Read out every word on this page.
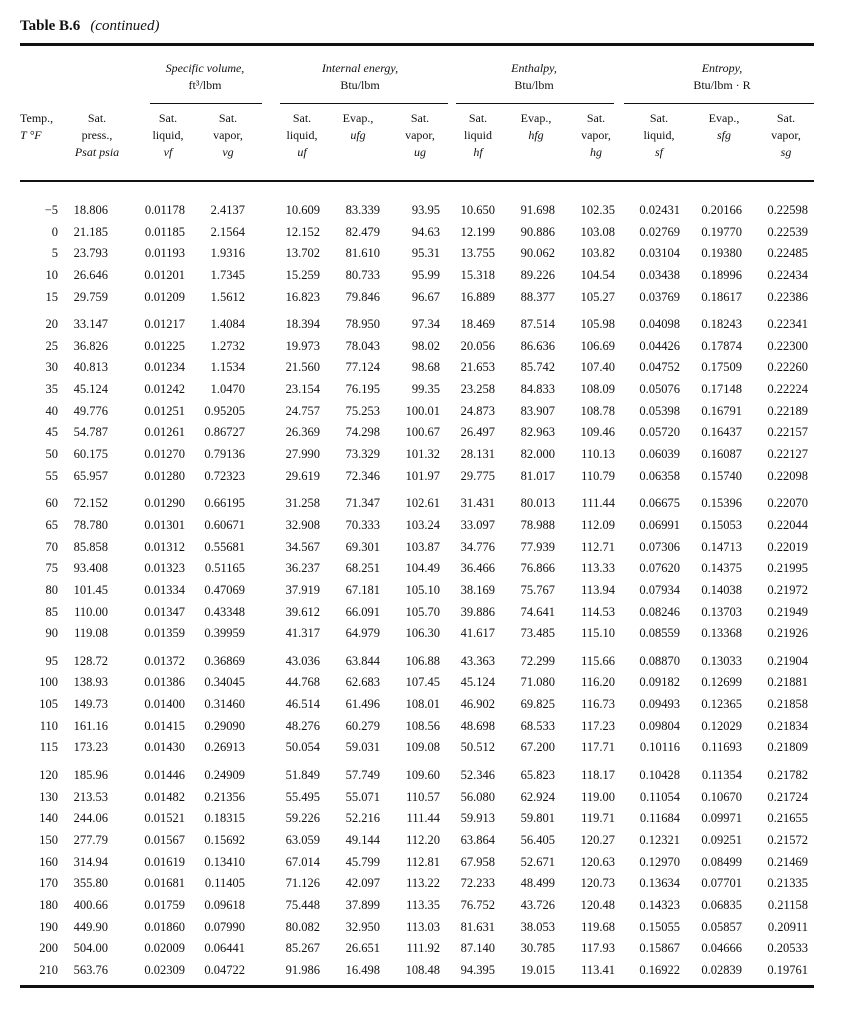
Table B.6 (continued)
Specific volume,
ft³/lbm
Internal energy,
Btu/lbm
Enthalpy,
Btu/lbm
Entropy,
Btu/lbm · R
Temp.,
T °F

Sat.
press.,
Psat psia
Sat.
liquid,
vf
Sat.
vapor,
vg
Sat.
liquid,
uf
Evap.,
ufg

Sat.
vapor,
ug
Sat.
liquid
hf
Evap.,
hfg

Sat.
vapor,
hg
Sat.
liquid,
sf
Evap.,
sfg

Sat.
vapor,
sg
−5 18.806	0.01178 2.4137	10.609 83.339	93.95 10.650 91.698 102.35 0.02431 0.20166 0.22598
0 21.185	0.01185 2.1564	12.152 82.479	94.63 12.199 90.886 103.08 0.02769 0.19770 0.22539
5 23.793	0.01193 1.9316	13.702 81.610	95.31 13.755 90.062 103.82 0.03104 0.19380 0.22485
10 26.646	0.01201 1.7345	15.259 80.733	95.99 15.318 89.226 104.54 0.03438 0.18996 0.22434
15 29.759	0.01209 1.5612	16.823 79.846	96.67 16.889 88.377 105.27 0.03769 0.18617 0.22386
20 33.147	0.01217 1.4084	18.394 78.950	97.34 18.469 87.514 105.98 0.04098 0.18243 0.22341
25 36.826	0.01225 1.2732	19.973 78.043	98.02 20.056 86.636 106.69 0.04426 0.17874 0.22300
30 40.813	0.01234 1.1534	21.560 77.124	98.68 21.653 85.742 107.40 0.04752 0.17509 0.22260
35 45.124	0.01242 1.0470	23.154 76.195	99.35 23.258 84.833 108.09 0.05076 0.17148 0.22224
40 49.776	0.01251 0.95205	24.757 75.253 100.01 24.873 83.907 108.78 0.05398 0.16791 0.22189
45 54.787	0.01261 0.86727	26.369 74.298 100.67 26.497 82.963 109.46 0.05720 0.16437 0.22157
50 60.175	0.01270 0.79136	27.990 73.329 101.32 28.131 82.000 110.13 0.06039 0.16087 0.22127
55 65.957	0.01280 0.72323	29.619 72.346 101.97 29.775 81.017 110.79 0.06358 0.15740 0.22098
60 72.152	0.01290 0.66195	31.258 71.347 102.61 31.431 80.013 111.44 0.06675 0.15396 0.22070
65 78.780	0.01301 0.60671	32.908 70.333 103.24 33.097 78.988 112.09 0.06991 0.15053 0.22044
70 85.858	0.01312 0.55681	34.567 69.301 103.87 34.776 77.939 112.71 0.07306 0.14713 0.22019
75 93.408	0.01323 0.51165	36.237 68.251 104.49 36.466 76.866 113.33 0.07620 0.14375 0.21995
80 101.45	0.01334 0.47069	37.919 67.181 105.10 38.169 75.767 113.94 0.07934 0.14038 0.21972
85 110.00	0.01347 0.43348	39.612 66.091 105.70 39.886 74.641 114.53 0.08246 0.13703 0.21949
90 119.08	0.01359 0.39959	41.317 64.979 106.30 41.617 73.485 115.10 0.08559 0.13368 0.21926
95 128.72	0.01372 0.36869	43.036 63.844 106.88 43.363 72.299 115.66 0.08870 0.13033 0.21904
100 138.93	0.01386 0.34045	44.768 62.683 107.45 45.124 71.080 116.20 0.09182 0.12699 0.21881
105 149.73	0.01400 0.31460	46.514 61.496 108.01 46.902 69.825 116.73 0.09493 0.12365 0.21858
110 161.16	0.01415 0.29090	48.276 60.279 108.56 48.698 68.533 117.23 0.09804 0.12029 0.21834
115 173.23	0.01430 0.26913	50.054 59.031 109.08 50.512 67.200 117.71 0.10116 0.11693 0.21809
120 185.96	0.01446 0.24909	51.849 57.749 109.60 52.346 65.823 118.17 0.10428 0.11354 0.21782
130 213.53	0.01482 0.21356	55.495 55.071 110.57 56.080 62.924 119.00 0.11054 0.10670 0.21724
140 244.06	0.01521 0.18315	59.226 52.216 111.44 59.913 59.801 119.71 0.11684 0.09971 0.21655
150 277.79	0.01567 0.15692	63.059 49.144 112.20 63.864 56.405 120.27 0.12321 0.09251 0.21572
160 314.94	0.01619 0.13410	67.014 45.799 112.81 67.958 52.671 120.63 0.12970 0.08499 0.21469
170 355.80	0.01681 0.11405	71.126 42.097 113.22 72.233 48.499 120.73 0.13634 0.07701 0.21335
180 400.66	0.01759 0.09618	75.448 37.899 113.35 76.752 43.726 120.48 0.14323 0.06835 0.21158
190 449.90	0.01860 0.07990	80.082 32.950 113.03 81.631 38.053 119.68 0.15055 0.05857 0.20911
200 504.00	0.02009 0.06441	85.267 26.651 111.92 87.140 30.785 117.93 0.15867 0.04666 0.20533
210 563.76	0.02309 0.04722	91.986 16.498 108.48 94.395 19.015 113.41 0.16922 0.02839 0.19761
